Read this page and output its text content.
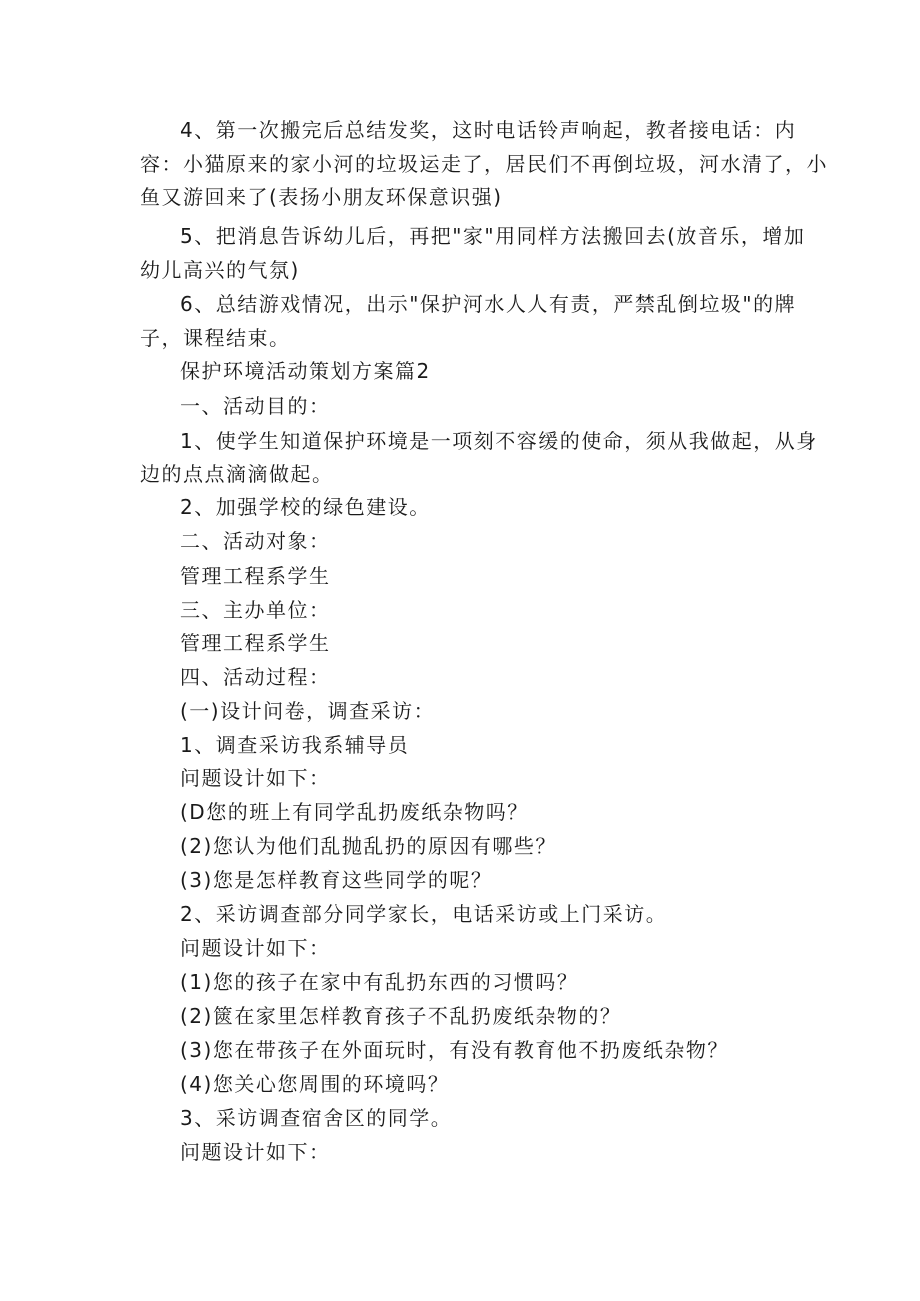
4、第一次搬完后总结发奖，这时电话铃声响起，教者接电话：内
容：小猫原来的家小河的垃圾运走了，居民们不再倒垃圾，河水清了，小
鱼又游回来了(表扬小朋友环保意识强)
5、把消息告诉幼儿后，再把"家"用同样方法搬回去(放音乐，增加
幼儿高兴的气氛)
6、总结游戏情况，出示"保护河水人人有责，严禁乱倒垃圾"的牌
子，课程结束。
保护环境活动策划方案篇2
一、活动目的：
1、使学生知道保护环境是一项刻不容缓的使命，须从我做起，从身
边的点点滴滴做起。
2、加强学校的绿色建设。
二、活动对象：
管理工程系学生
三、主办单位：
管理工程系学生
四、活动过程：
(一)设计问卷，调查采访：
1、调查采访我系辅导员
问题设计如下：
(D您的班上有同学乱扔废纸杂物吗？
(2)您认为他们乱抛乱扔的原因有哪些？
(3)您是怎样教育这些同学的呢？
2、采访调查部分同学家长，电话采访或上门采访。
问题设计如下：
(1)您的孩子在家中有乱扔东西的习惯吗？
(2)篋在家里怎样教育孩子不乱扔废纸杂物的？
(3)您在带孩子在外面玩时，有没有教育他不扔废纸杂物？
(4)您关心您周围的环境吗？
3、采访调查宿舍区的同学。
问题设计如下：
